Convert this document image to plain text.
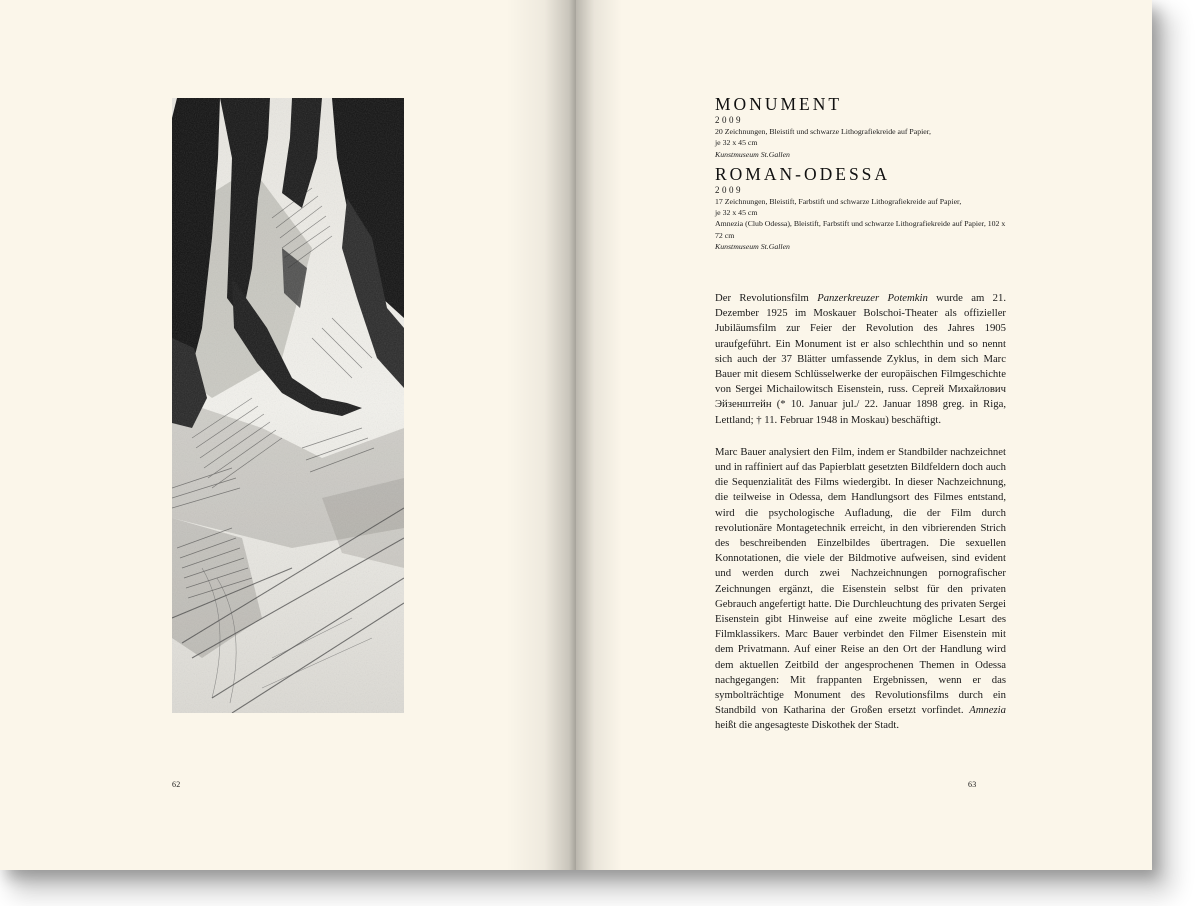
62
MONUMENT
2009
20 Zeichnungen, Bleistift und schwarze Lithografiekreide auf Papier,
je 32 x 45 cm
Kunstmuseum St.Gallen
ROMAN-ODESSA
2009
17 Zeichnungen, Bleistift, Farbstift und schwarze Lithografiekreide auf Papier,
je 32 x 45 cm
Amnezia (Club Odessa), Bleistift, Farbstift und schwarze Lithografiekreide auf Papier, 102 x 72 cm
Kunstmuseum St.Gallen

Der Revolutionsfilm Panzerkreuzer Potemkin wurde am 21. Dezember 1925 im Moskauer Bolschoi-Theater als offizieller Jubiläumsfilm zur Feier der Revolution des Jahres 1905 uraufgeführt. Ein Monument ist er also schlechthin und so nennt sich auch der 37 Blätter umfassende Zyklus, in dem sich Marc Bauer mit diesem Schlüsselwerke der europäischen Filmgeschichte von Sergei Michailowitsch Eisenstein, russ. Сергей Михайлович Эйзенштейн (* 10. Januar jul./ 22. Januar 1898 greg. in Riga, Lettland; † 11. Februar 1948 in Moskau) beschäftigt.

Marc Bauer analysiert den Film, indem er Standbilder nachzeichnet und in raffiniert auf das Papierblatt gesetzten Bildfeldern doch auch die Sequenzialität des Films wiedergibt. In dieser Nachzeichnung, die teilweise in Odessa, dem Handlungsort des Filmes entstand, wird die psychologische Aufladung, die der Film durch revolutionäre Montagetechnik erreicht, in den vibrierenden Strich des beschreibenden Einzelbildes übertragen. Die sexuellen Konnotationen, die viele der Bildmotive aufweisen, sind evident und werden durch zwei Nachzeichnungen pornografischer Zeichnungen ergänzt, die Eisenstein selbst für den privaten Gebrauch angefertigt hatte. Die Durchleuchtung des privaten Sergei Eisenstein gibt Hinweise auf eine zweite mögliche Lesart des Filmklassikers. Marc Bauer verbindet den Filmer Eisenstein mit dem Privatmann. Auf einer Reise an den Ort der Handlung wird dem aktuellen Zeitbild der angesprochenen Themen in Odessa nachgegangen: Mit frappanten Ergebnissen, wenn er das symbolträchtige Monument des Revolutionsfilms durch ein Standbild von Katharina der Großen ersetzt vorfindet. Amnezia heißt die angesagteste Diskothek der Stadt.

63
